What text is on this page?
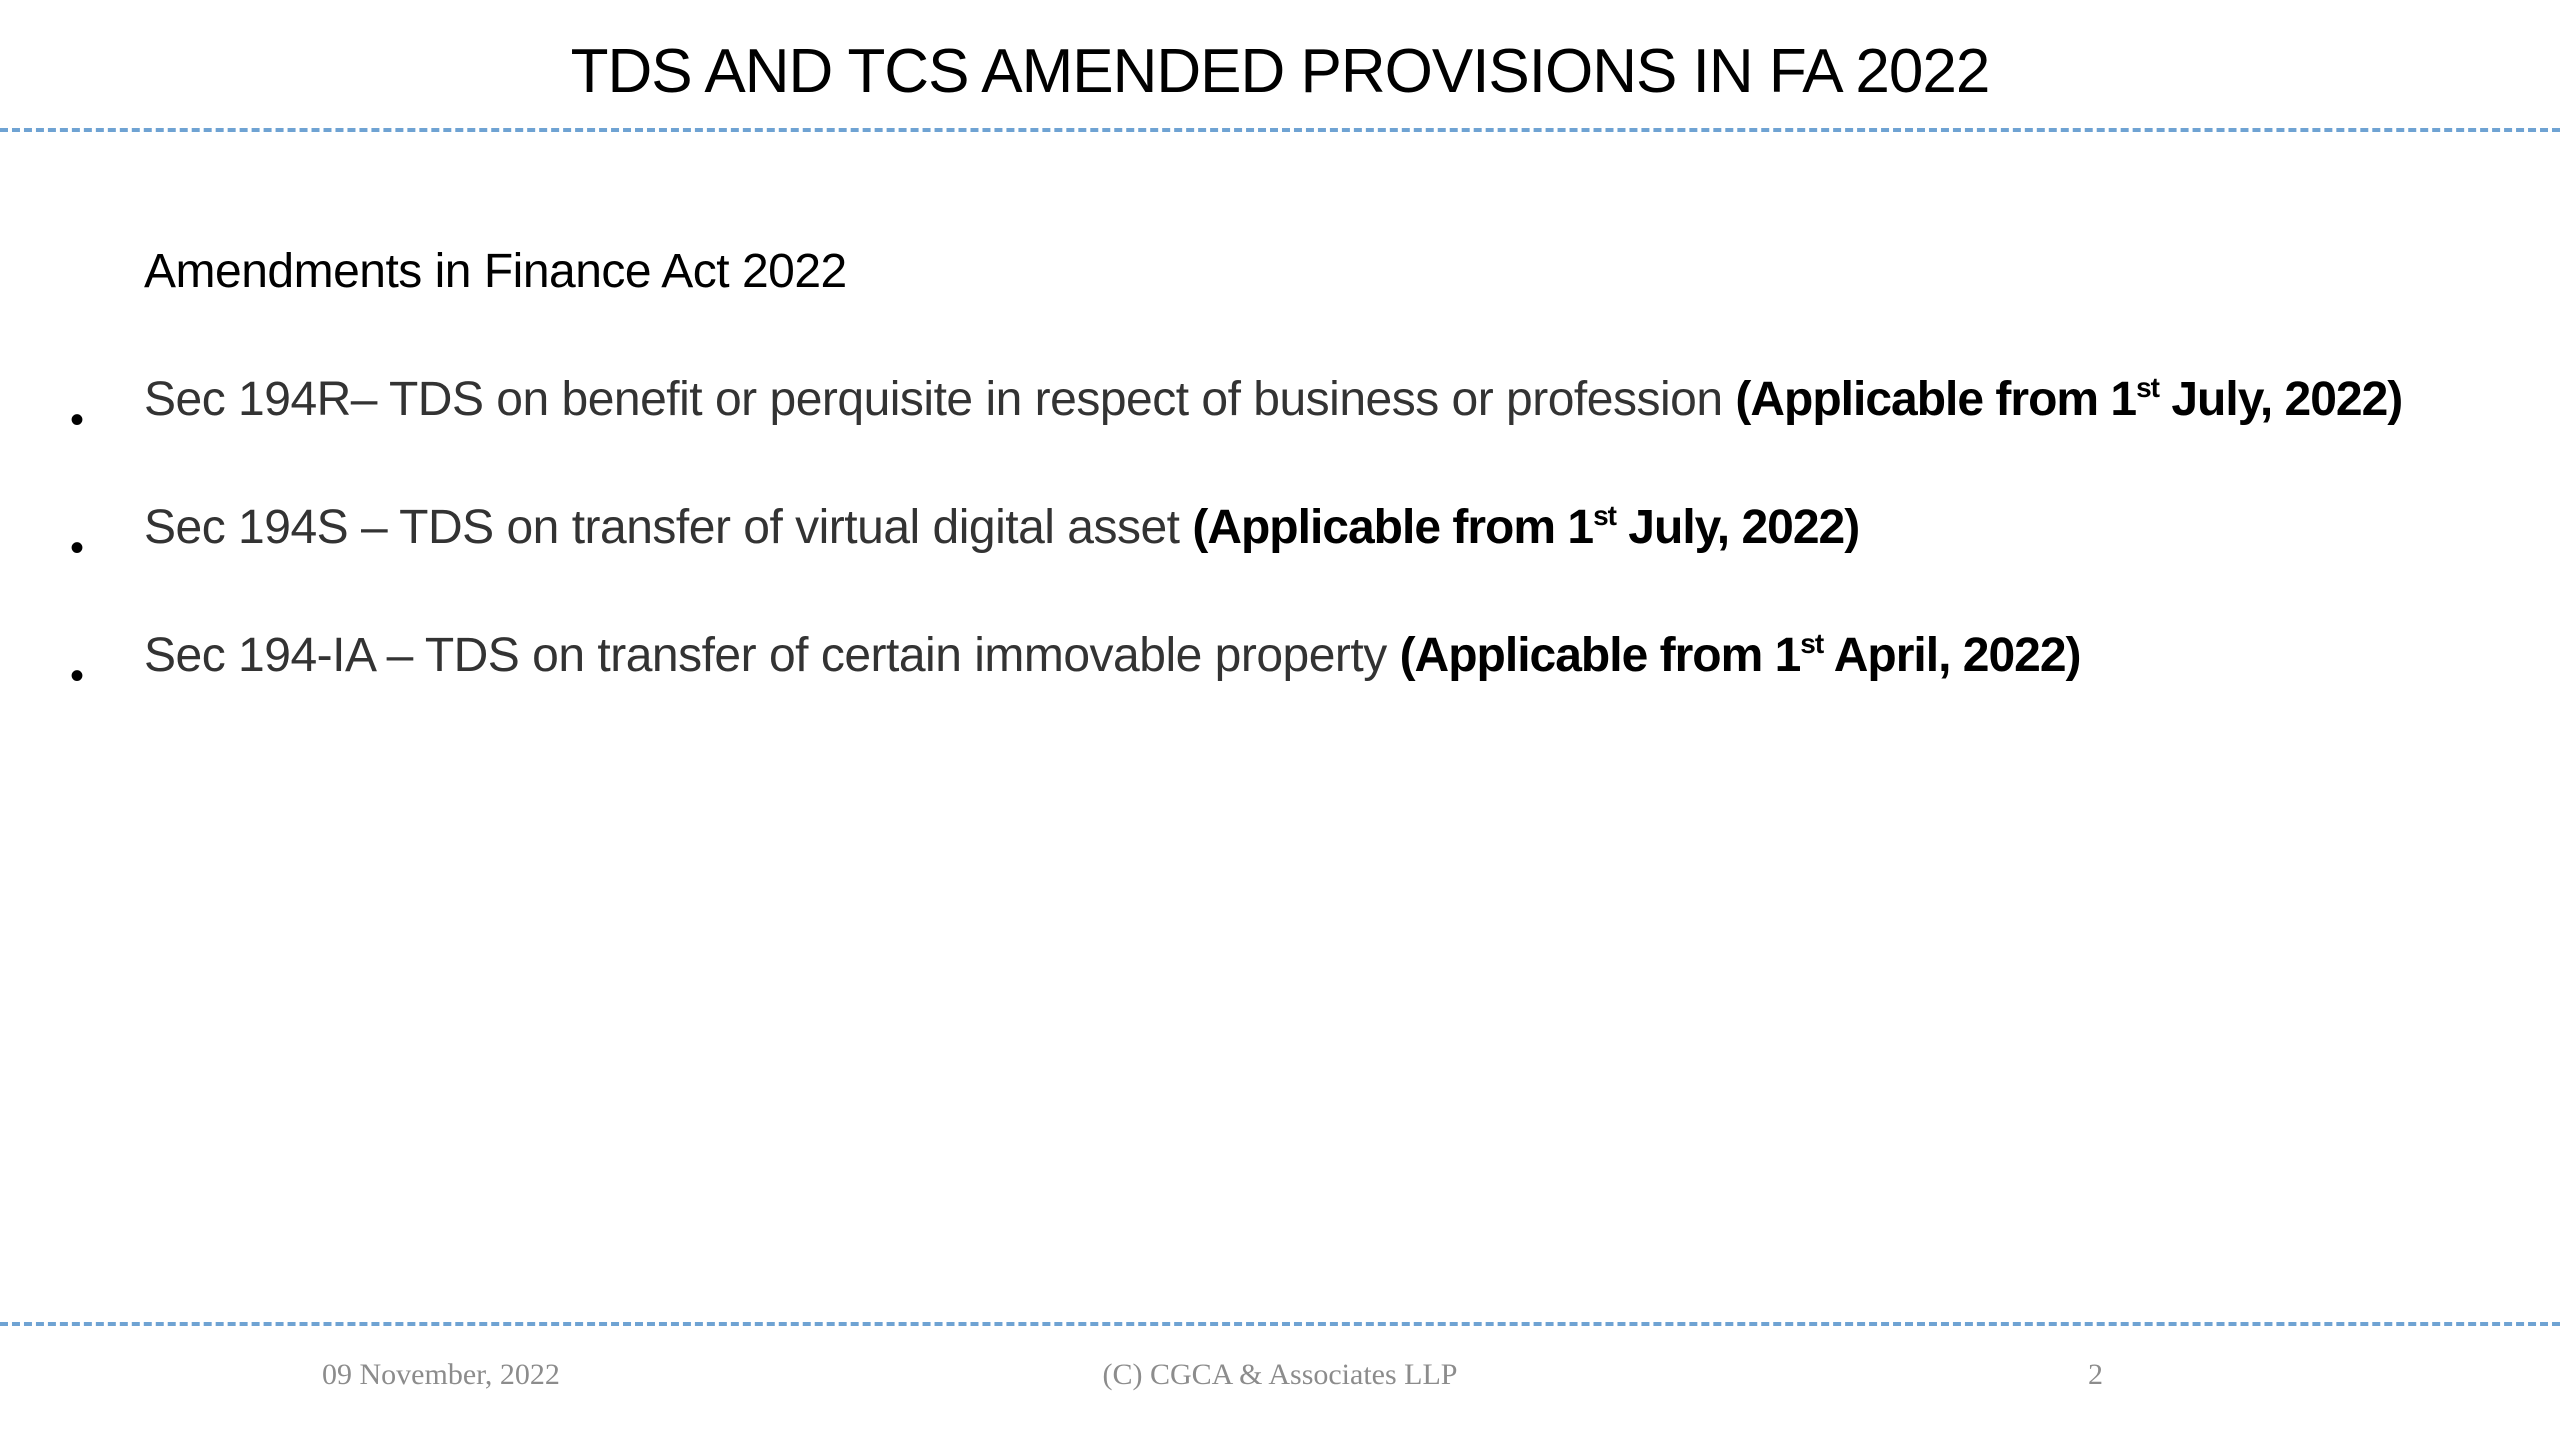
TDS AND TCS AMENDED PROVISIONS IN FA 2022
Amendments in Finance Act 2022
• Sec 194R– TDS on benefit or perquisite in respect of business or profession (Applicable from 1st July, 2022)
• Sec 194S – TDS on transfer of virtual digital asset (Applicable from 1st July, 2022)
• Sec 194-IA – TDS on transfer of certain immovable property (Applicable from 1st April, 2022)
09 November, 2022	(C) CGCA & Associates LLP	2
